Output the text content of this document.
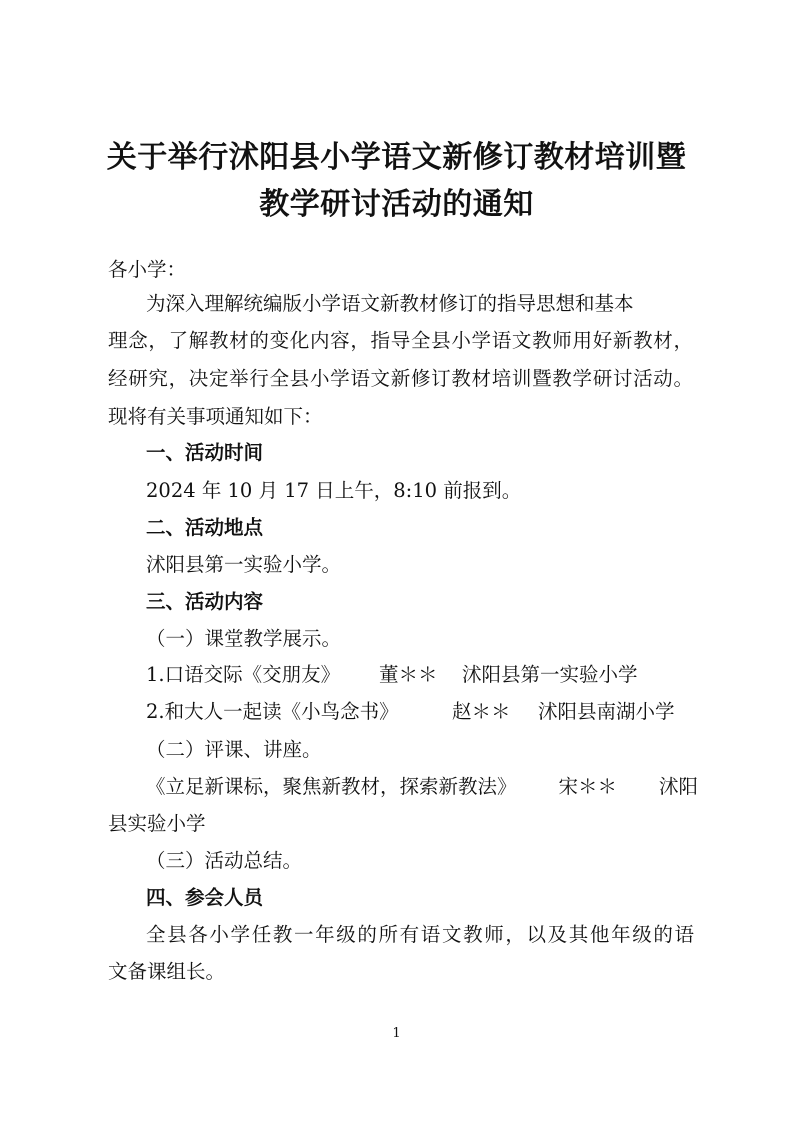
关于举行沭阳县小学语文新修订教材培训暨
教学研讨活动的通知
各小学：
为深入理解统编版小学语文新教材修订的指导思想和基本
理念，了解教材的变化内容，指导全县小学语文教师用好新教材，
经研究，决定举行全县小学语文新修订教材培训暨教学研讨活动。
现将有关事项通知如下：
一、活动时间
2024 年 10 月 17 日上午，8:10 前报到。
二、活动地点
沭阳县第一实验小学。
三、活动内容
（一）课堂教学展示。
1.口语交际《交朋友》	董＊＊	沭阳县第一实验小学
2.和大人一起读《小鸟念书》	赵＊＊	沭阳县南湖小学
（二）评课、讲座。
《立足新课标，聚焦新教材，探索新教法》 宋＊＊ 沭阳
县实验小学
（三）活动总结。
四、参会人员
全县各小学任教一年级的所有语文教师，以及其他年级的语
文备课组长。
1
